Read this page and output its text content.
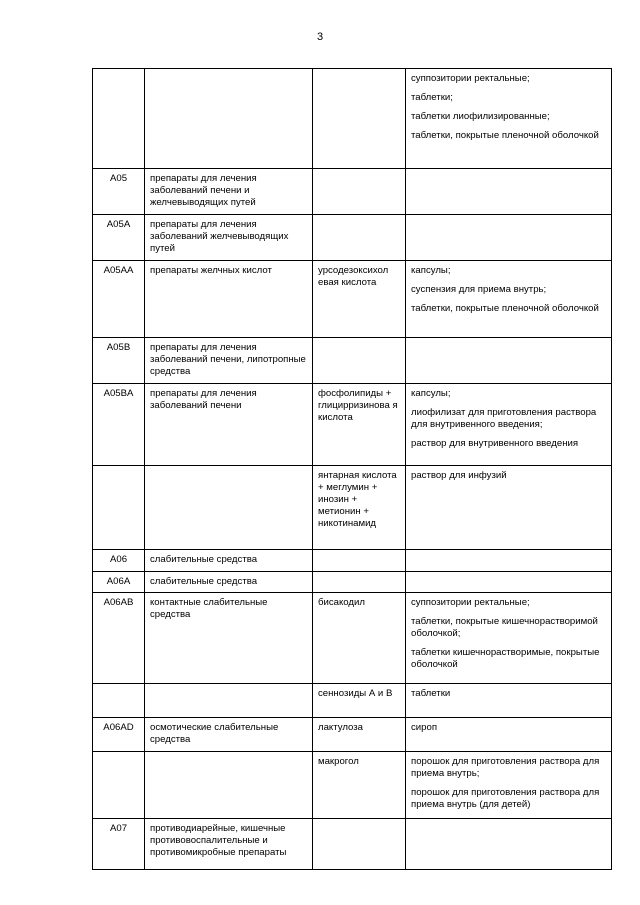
3

			суппозитории ректальные;
таблетки;
таблетки лиофилизированные;
таблетки, покрытые пленочной оболочкой

A05	препараты для лечения заболеваний печени и желчевыводящих путей		
A05A	препараты для лечения заболеваний желчевыводящих путей		
A05AA	препараты желчных кислот	урсодезоксихол евая кислота	капсулы;
суспензия для приема внутрь;
таблетки, покрытые пленочной оболочкой

A05B	препараты для лечения заболеваний печени, липотропные средства		
A05BA	препараты для лечения заболеваний печени	фосфолипиды + глицирризинова я кислота	капсулы;
лиофилизат для приготовления раствора для внутривенного введения;
раствор для внутривенного введения

		янтарная кислота + меглумин + инозин + метионин + никотинамид	раствор для инфузий

A06	слабительные средства		
A06A	слабительные средства		
A06AB	контактные слабительные средства	бисакодил	суппозитории ректальные;
таблетки, покрытые кишечнорастворимой оболочкой;
таблетки кишечнорастворимые, покрытые оболочкой

		сеннозиды А и В	таблетки

A06AD	осмотические слабительные средства	лактулоза	сироп

		макрогол	порошок для приготовления раствора для приема внутрь;
порошок для приготовления раствора для приема внутрь (для детей)

A07	противодиарейные, кишечные противовоспалительные и противомикробные препараты		
